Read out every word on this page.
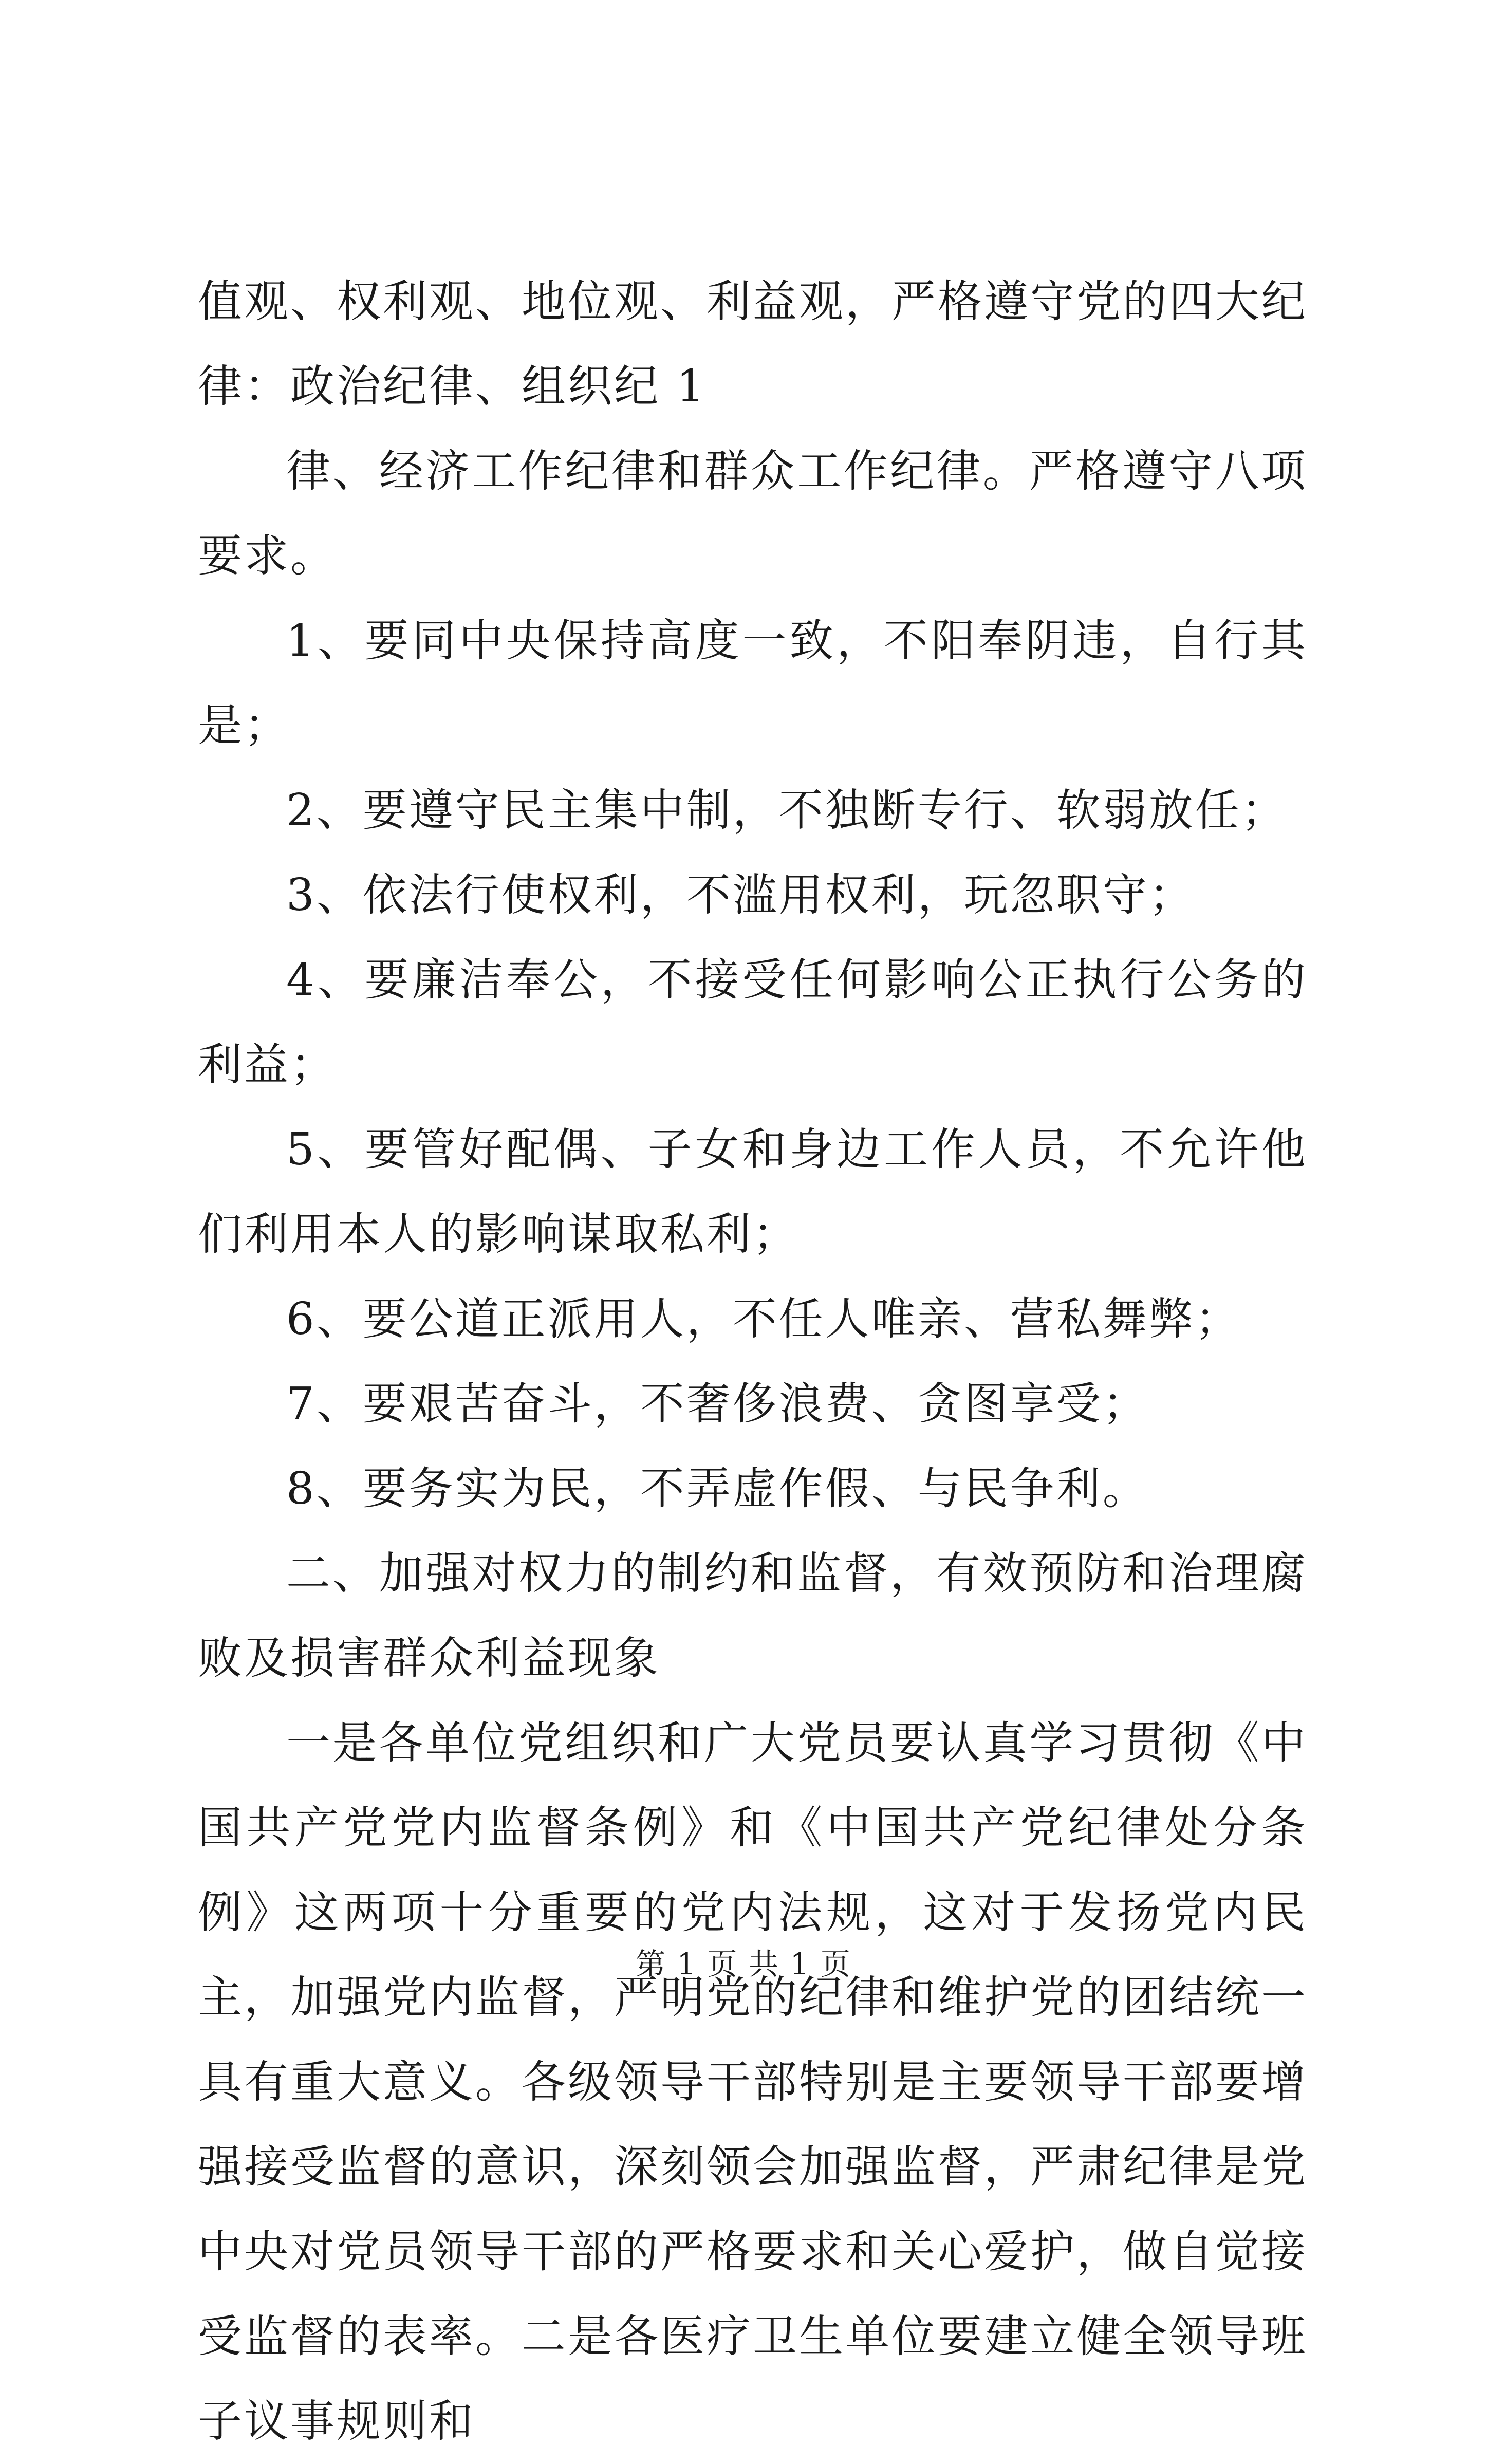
值观、权利观、地位观、利益观，严格遵守党的四大纪律：政治纪律、组织纪 1

律、经济工作纪律和群众工作纪律。严格遵守八项要求。

1、要同中央保持高度一致，不阳奉阴违，自行其是；

2、要遵守民主集中制，不独断专行、软弱放任；

3、依法行使权利，不滥用权利，玩忽职守；

4、要廉洁奉公，不接受任何影响公正执行公务的利益；

5、要管好配偶、子女和身边工作人员，不允许他们利用本人的影响谋取私利；

6、要公道正派用人，不任人唯亲、营私舞弊；

7、要艰苦奋斗，不奢侈浪费、贪图享受；

8、要务实为民，不弄虚作假、与民争利。

二、加强对权力的制约和监督，有效预防和治理腐败及损害群众利益现象

一是各单位党组织和广大党员要认真学习贯彻《中国共产党党内监督条例》和《中国共产党纪律处分条例》这两项十分重要的党内法规，这对于发扬党内民主，加强党内监督，严明党的纪律和维护党的团结统一具有重大意义。各级领导干部特别是主要领导干部要增强接受监督的意识，深刻领会加强监督，严肃纪律是党中央对党员领导干部的严格要求和关心爱护，做自觉接受监督的表率。二是各医疗卫生单位要建立健全领导班子议事规则和

第 1 页 共 1 页
